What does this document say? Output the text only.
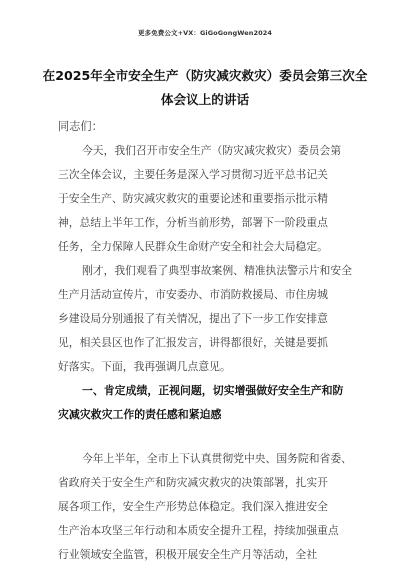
更多免费公文+VX：GiGoGongWen2024
在2025年全市安全生产（防灾减灾救灾）委员会第三次全
体会议上的讲话
同志们：
今天，我们召开市安全生产（防灾减灾救灾）委员会第
三次全体会议，主要任务是深入学习贯彻习近平总书记关
于安全生产、防灾减灾救灾的重要论述和重要指示批示精
神，总结上半年工作，分析当前形势，部署下一阶段重点
任务，全力保障人民群众生命财产安全和社会大局稳定。
刚才，我们观看了典型事故案例、精准执法警示片和安全
生产月活动宣传片，市安委办、市消防救援局、市住房城
乡建设局分别通报了有关情况，提出了下一步工作安排意
见，相关县区也作了汇报发言，讲得都很好，关键是要抓
好落实。下面，我再强调几点意见。
一、肯定成绩，正视问题，切实增强做好安全生产和防
灾减灾救灾工作的责任感和紧迫感
今年上半年，全市上下认真贯彻党中央、国务院和省委、
省政府关于安全生产和防灾减灾救灾的决策部署，扎实开
展各项工作，安全生产形势总体稳定。我们深入推进安全
生产治本攻坚三年行动和本质安全提升工程，持续加强重点
行业领域安全监管，积极开展安全生产月等活动，全社
